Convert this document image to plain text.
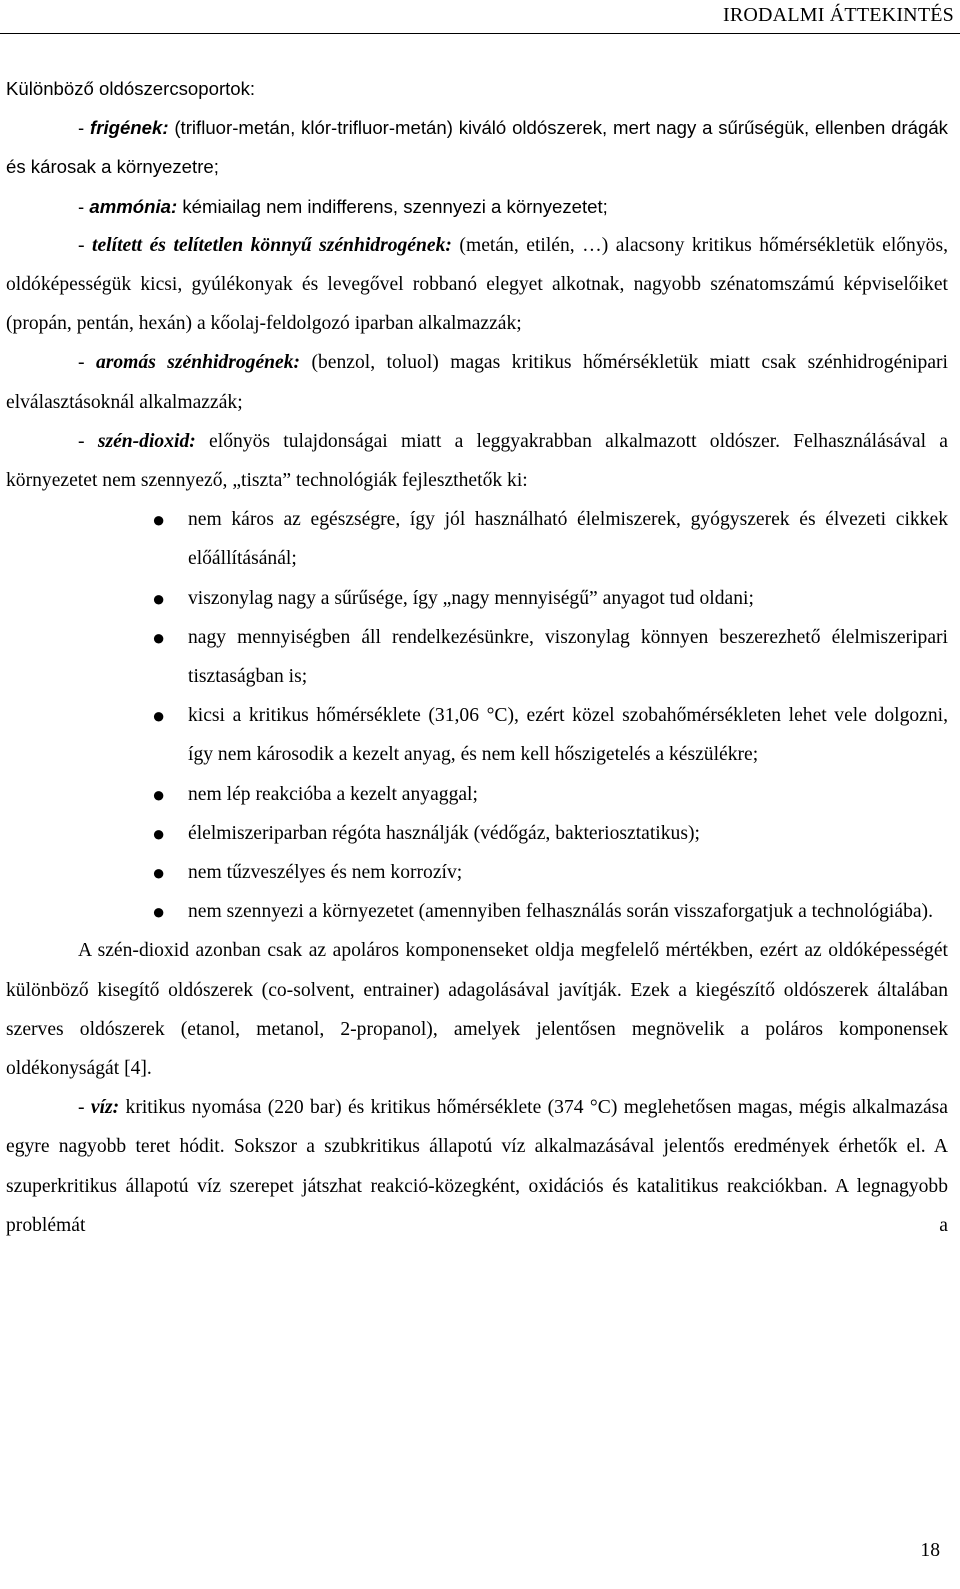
IRODALMI ÁTTEKINTÉS

Különböző oldószercsoportok:

- frigének: (trifluor-metán, klór-trifluor-metán) kiváló oldószerek, mert nagy a sűrűségük, ellenben drágák és károsak a környezetre;

- ammónia: kémiailag nem indifferens, szennyezi a környezetet;

- telített és telítetlen könnyű szénhidrogének: (metán, etilén, …) alacsony kritikus hőmérsékletük előnyös, oldóképességük kicsi, gyúlékonyak és levegővel robbanó elegyet alkotnak, nagyobb szénatomszámú képviselőiket (propán, pentán, hexán) a kőolaj-feldolgozó iparban alkalmazzák;

- aromás szénhidrogének: (benzol, toluol) magas kritikus hőmérsékletük miatt csak szénhidrogénipari elválasztásoknál alkalmazzák;

- szén-dioxid: előnyös tulajdonságai miatt a leggyakrabban alkalmazott oldószer. Felhasználásával a környezetet nem szennyező, „tiszta” technológiák fejleszthetők ki:

● nem káros az egészségre, így jól használható élelmiszerek, gyógyszerek és élvezeti cikkek előállításánál;
● viszonylag nagy a sűrűsége, így „nagy mennyiségű” anyagot tud oldani;
● nagy mennyiségben áll rendelkezésünkre, viszonylag könnyen beszerezhető élelmiszeripari tisztaságban is;
● kicsi a kritikus hőmérséklete (31,06 °C), ezért közel szobahőmérsékleten lehet vele dolgozni, így nem károsodik a kezelt anyag, és nem kell hőszigetelés a készülékre;
● nem lép reakcióba a kezelt anyaggal;
● élelmiszeriparban régóta használják (védőgáz, bakteriosztatikus);
● nem tűzveszélyes és nem korrozív;
● nem szennyezi a környezetet (amennyiben felhasználás során visszaforgatjuk a technológiába).

A szén-dioxid azonban csak az apoláros komponenseket oldja megfelelő mértékben, ezért az oldóképességét különböző kisegítő oldószerek (co-solvent, entrainer) adagolásával javítják. Ezek a kiegészítő oldószerek általában szerves oldószerek (etanol, metanol, 2-propanol), amelyek jelentősen megnövelik a poláros komponensek oldékonyságát [4].

- víz: kritikus nyomása (220 bar) és kritikus hőmérséklete (374 °C) meglehetősen magas, mégis alkalmazása egyre nagyobb teret hódit. Sokszor a szubkritikus állapotú víz alkalmazásával jelentős eredmények érhetők el. A szuperkritikus állapotú víz szerepet játszhat reakció-közegként, oxidációs és katalitikus reakciókban. A legnagyobb problémát a

18
